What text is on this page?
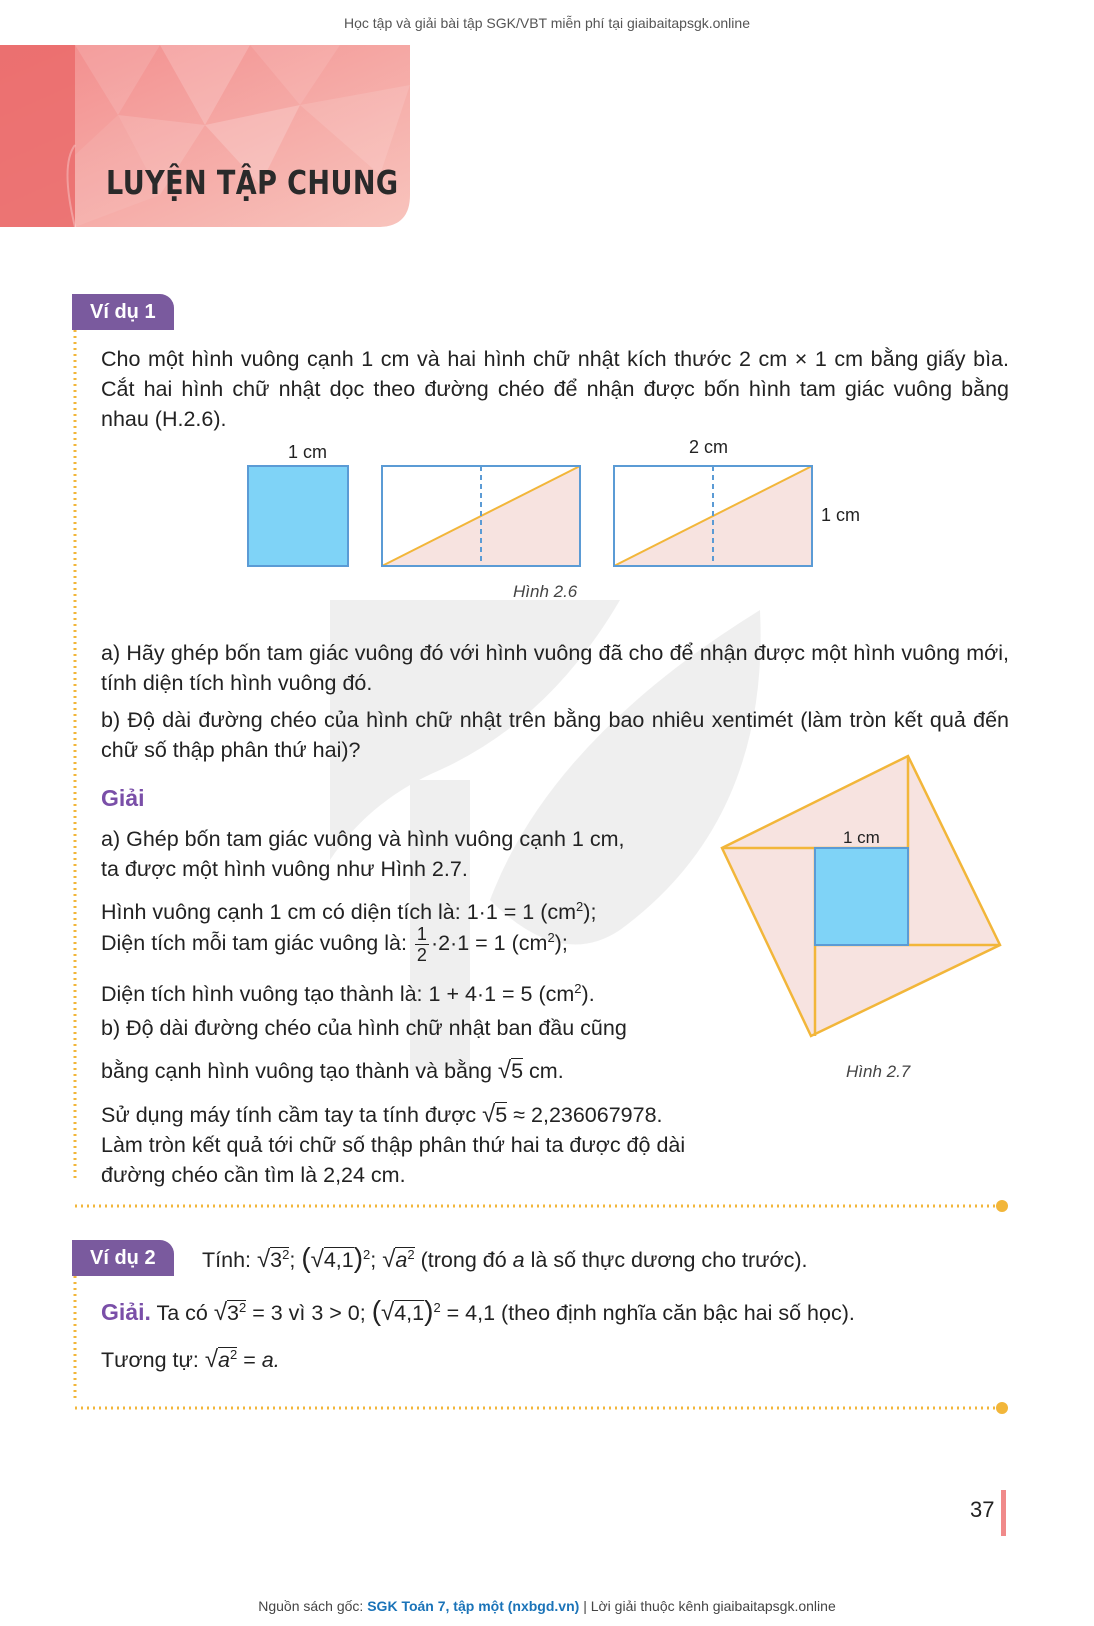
Học tập và giải bài tập SGK/VBT miễn phí tại giaibaitapsgk.online
LUYỆN TẬP CHUNG
Ví dụ 1
Cho một hình vuông cạnh 1 cm và hai hình chữ nhật kích thước 2 cm × 1 cm bằng giấy bìa. Cắt hai hình chữ nhật dọc theo đường chéo để nhận được bốn hình tam giác vuông bằng nhau (H.2.6).
1 cm	2 cm
1 cm
Hình 2.6
a) Hãy ghép bốn tam giác vuông đó với hình vuông đã cho để nhận được một hình vuông mới, tính diện tích hình vuông đó.
b) Độ dài đường chéo của hình chữ nhật trên bằng bao nhiêu xentimét (làm tròn kết quả đến chữ số thập phân thứ hai)?
Giải
a) Ghép bốn tam giác vuông và hình vuông cạnh 1 cm,
ta được một hình vuông như Hình 2.7.
Hình vuông cạnh 1 cm có diện tích là: 1·1 = 1 $(cm^2)$;
Diện tích mỗi tam giác vuông là: $\frac{1}{2} \cdot 2\cdot 1 = 1$ $(cm^2)$;
Diện tích hình vuông tạo thành là: 1 + 4·1 = 5 $(cm^2)$.
b) Độ dài đường chéo của hình chữ nhật ban đầu cũng
bằng cạnh hình vuông tạo thành và bằng √5 cm.
Sử dụng máy tính cầm tay ta tính được √5 ≈ 2,236067978.
Làm tròn kết quả tới chữ số thập phân thứ hai ta được độ dài
đường chéo cần tìm là 2,24 cm.
1 cm
Hình 2.7
Ví dụ 2	Tính: $√3^2$; $(√4,1)^2$; $√a^2$ (trong đó a là số thực dương cho trước).
Giải. Ta có $√3^2 = 3$ vì 3 > 0; $(√4,1)^2 = 4,1$ (theo định nghĩa căn bậc hai số học).
Tương tự: $√a^2 = a$.
37
Nguồn sách gốc: SGK Toán 7, tập một (nxbgd.vn) | Lời giải thuộc kênh giaibaitapsgk.online
